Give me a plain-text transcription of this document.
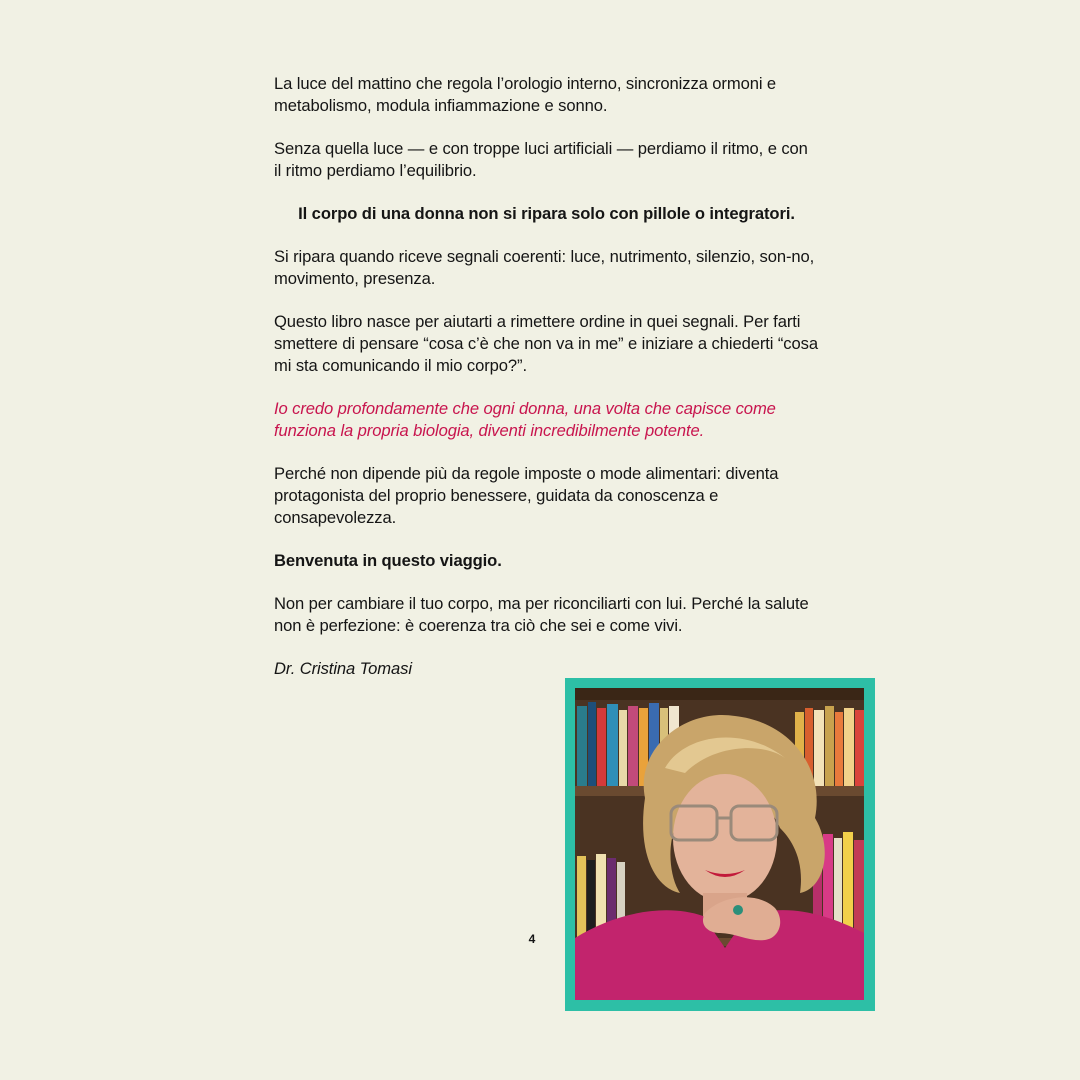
La luce del mattino che regola l’orologio interno, sincronizza ormoni e metabolismo, modula infiammazione e sonno.

Senza quella luce — e con troppe luci artificiali — perdiamo il ritmo, e con il ritmo perdiamo l’equilibrio.

Il corpo di una donna non si ripara solo con pillole o integratori.

Si ripara quando riceve segnali coerenti: luce, nutrimento, silenzio, son-no, movimento, presenza.

Questo libro nasce per aiutarti a rimettere ordine in quei segnali. Per farti smettere di pensare “cosa c’è che non va in me” e iniziare a chiederti “cosa mi sta comunicando il mio corpo?”.

Io credo profondamente che ogni donna, una volta che capisce come funziona la propria biologia, diventi incredibilmente potente.

Perché non dipende più da regole imposte o mode alimentari: diventa protagonista del proprio benessere, guidata da conoscenza e consapevolezza.

Benvenuta in questo viaggio.

Non per cambiare il tuo corpo, ma per riconciliarti con lui. Perché la salute non è perfezione: è coerenza tra ciò che sei e come vivi.

Dr. Cristina Tomasi

4
